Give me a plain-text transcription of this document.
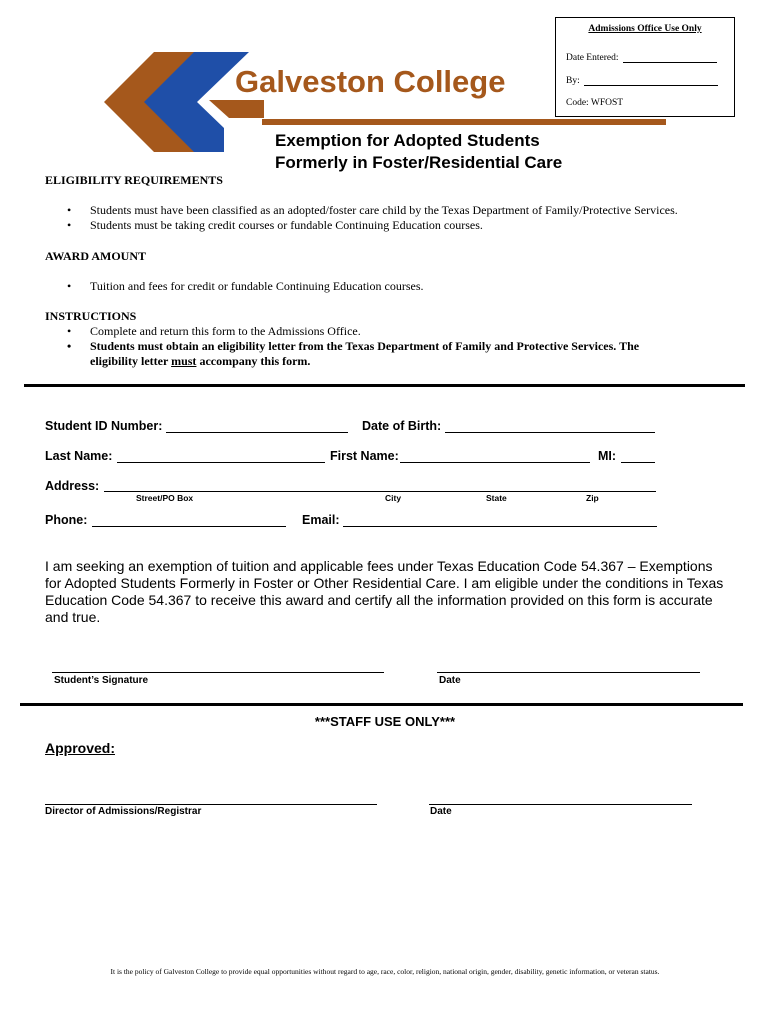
Admissions Office Use Only
Date Entered:
By:
Code: WFOST
Galveston College
Exemption for Adopted Students
Formerly in Foster/Residential Care
ELIGIBILITY REQUIREMENTS
• Students must have been classified as an adopted/foster care child by the Texas Department of Family/Protective Services.
• Students must be taking credit courses or fundable Continuing Education courses.
AWARD AMOUNT
• Tuition and fees for credit or fundable Continuing Education courses.
INSTRUCTIONS
• Complete and return this form to the Admissions Office.
• Students must obtain an eligibility letter from the Texas Department of Family and Protective Services. The
eligibility letter must accompany this form.
Student ID Number:	Date of Birth:
Last Name:	First Name:	MI:
Address:
Street/PO Box	City	State	Zip
Phone:	Email:
I am seeking an exemption of tuition and applicable fees under Texas Education Code 54.367 – Exemptions for Adopted Students Formerly in Foster or Other Residential Care. I am eligible under the conditions in Texas Education Code 54.367 to receive this award and certify all the information provided on this form is accurate and true.
Student’s Signature	Date
***STAFF USE ONLY***
Approved:
Director of Admissions/Registrar	Date
It is the policy of Galveston College to provide equal opportunities without regard to age, race, color, religion, national origin, gender, disability, genetic information, or veteran status.
